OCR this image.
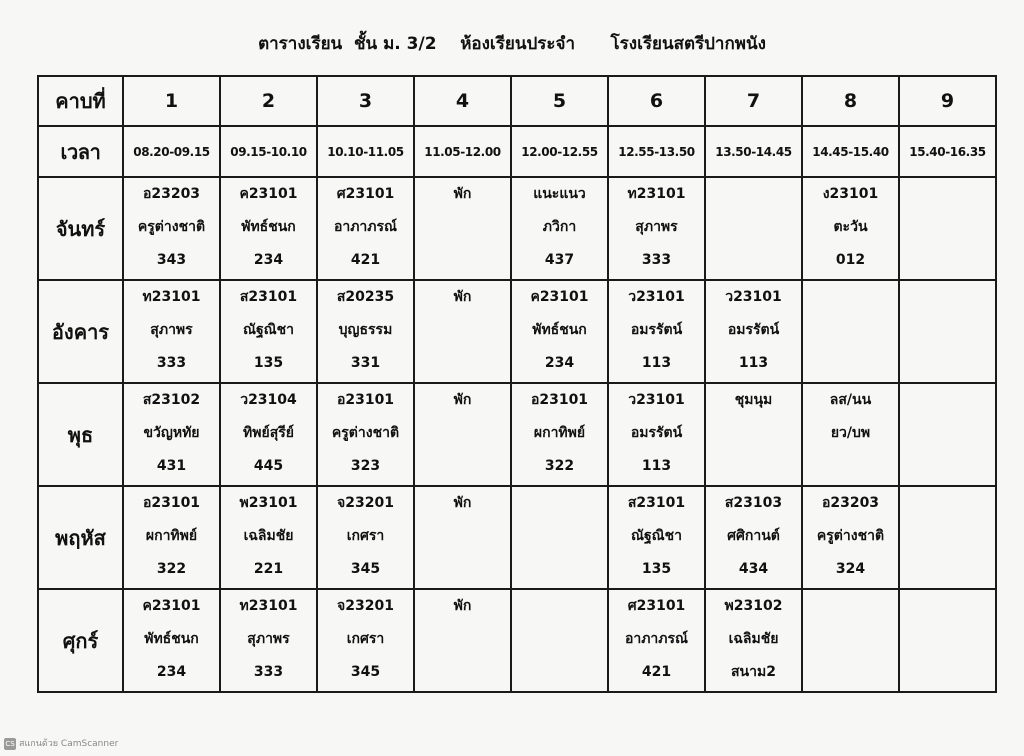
ตารางเรียน  ชั้น ม. 3/2    ห้องเรียนประจำ      โรงเรียนสตรีปากพนัง
คาบที่	1	2	3	4	5	6	7	8	9
เวลา	08.20-09.15	09.15-10.10	10.10-11.05	11.05-12.00	12.00-12.55	12.55-13.50	13.50-14.45	14.45-15.40	15.40-16.35
จันทร์	อ23203
ครูต่างชาติ
343	ค23101
พัทธ์ชนก
234	ศ23101
อาภาภรณ์
421	พัก	แนะแนว
ภวิกา
437	ท23101
สุภาพร
333		ง23101
ตะวัน
012	

อังคาร	ท23101
สุภาพร
333	ส23101
ณัฐณิชา
135	ส20235
บุญธรรม
331	พัก	ค23101
พัทธ์ชนก
234	ว23101
อมรรัตน์
113	ว23101
อมรรัตน์
113		

พุธ	ส23102
ขวัญหทัย
431	ว23104
ทิพย์สุรีย์
445	อ23101
ครูต่างชาติ
323	พัก	อ23101
ผกาทิพย์
322	ว23101
อมรรัตน์
113	ชุมนุม	ลส/นน
ยว/บพ	

พฤหัส	อ23101
ผกาทิพย์
322	พ23101
เฉลิมชัย
221	จ23201
เกศรา
345	พัก		ส23101
ณัฐณิชา
135	ส23103
ศศิกานต์
434	อ23203
ครูต่างชาติ
324	

ศุกร์	ค23101
พัทธ์ชนก
234	ท23101
สุภาพร
333	จ23201
เกศรา
345	พัก		ศ23101
อาภาภรณ์
421	พ23102
เฉลิมชัย
สนาม2		

CS สแกนด้วย CamScanner
